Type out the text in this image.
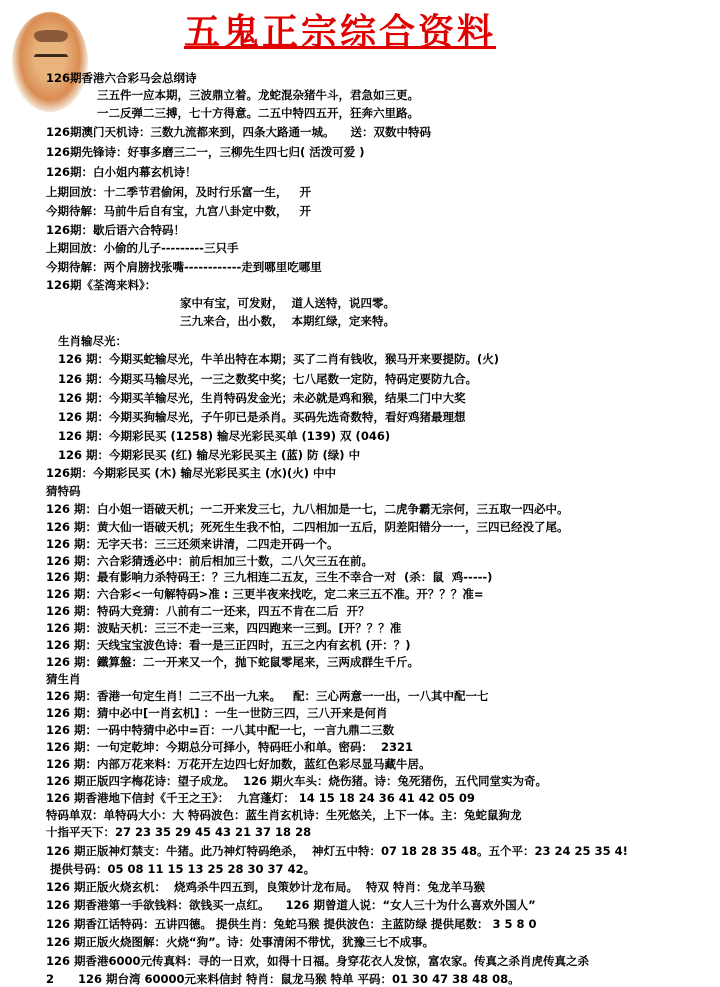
五鬼正宗综合资料
126期香港六合彩马会总纲诗
三五件一应本期，三波鼎立着。龙蛇混杂猪牛斗，君急如三更。
一二反弹二三搏，七十方得意。二五中特四五开，狂奔六里路。
126期澳门天机诗：三数九流都来到，四条大路通一城。    送：双数中特码
126期先锋诗：好事多磨三二一，三柳先生四七归( 活泼可爱 )
126期：白小姐内幕玄机诗！
上期回放：十二季节君偷闲，及时行乐富一生，   开
今期待解：马前牛后自有宝，九宫八卦定中数，   开
126期：歇后语六合特码！
上期回放：小偷的儿子---------三只手
今期待解：两个肩膀找张嘴------------走到哪里吃哪里
126期《荃湾来料》：
家中有宝，可发财，  道人送特，说四零。
三九来合，出小数，  本期红绿，定来特。
生肖输尽光：
126 期：今期买蛇输尽光，牛羊出特在本期；买了二肖有钱收，猴马开来要提防。(火)
126 期：今期买马输尽光，一三之数奖中奖；七八尾数一定防，特码定要防九合。
126 期：今期买羊输尽光，生肖特码发金光；未必就是鸡和猴，结果二门中大奖
126 期：今期买狗输尽光，子午卯已是杀肖。买码先选奇数特，看好鸡猪最理想
126 期：今期彩民买 (1258) 输尽光彩民买单 (139) 双 (046)
126 期：今期彩民买 (红) 输尽光彩民买主 (蓝) 防 (绿) 中
126期：今期彩民买 (木) 输尽光彩民买主 (水)(火) 中中
猜特码
126 期：白小姐一语破天机；一二开来发三七，九八相加是一七，二虎争霸无宗何，三五取一四必中。
126 期：黄大仙一语破天机；死死生生我不怕，二四相加一五后，阴差阳错分一一，三四已经没了尾。
126 期：无字天书：三三还须来讲清，二四走开码一个。
126 期：六合彩猜透必中：前后相加三十数，二八欠三五在前。
126 期：最有影响力杀特码王：？三九相连二五友，三生不幸合一对  (杀：鼠  鸡-----)
126 期：六合彩<一句解特码>准 : 三更半夜来找吃，定二来三五不准。开？？？准=
126 期：特码大竞猜：八前有二一还来，四五不肯在二后  开？
126 期：波贴天机：三三不走一三来，四四跑来一三到。[开？？？准
126 期：天线宝宝波色诗：看一是三正四时，五三之内有玄机 (开：？)
126 期：鐵算盤：二一开来又一个，抛下蛇鼠零尾来，三两成群生千斤。
猜生肖
126 期：香港一句定生肖！二三不出一九来。   配：三心两意一一出，一八其中配一七
126 期：猜中必中[一肖玄机] ：一生一世防三四，三八开来是何肖
126 期：一码中特猜中必中=百：一八其中配一七，一言九鼎二三数
126 期：一句定乾坤：今期总分可择小，特码旺小和单。密码：  2321
126 期：内部万花来料：万花开左边四七好加数，蓝红色彩尽显马藏牛居。
126 期正版四字梅花诗：望子成龙。  126 期火车头：烧伤猪。诗：兔死猪伤，五代同堂实为奇。
126 期香港地下信封《千王之王》：  九宫蓬灯： 14 15 18 24 36 41 42 05 09
特码单双：单特码大小：大 特码波色：蓝生肖玄机诗：生死悠关，上下一体。主：兔蛇鼠狗龙
十指平天下：27 23 35 29 45 43 21 37 18 28
126 期正版神灯禁支：牛猪。此乃神灯特码绝杀，  神灯五中特：07 18 28 35 48。五个平：23 24 25 35 4!
提供号码：05 08 11 15 13 25 28 30 37 42。
126 期正版火烧玄机：  烧鸡杀牛四五到，良策妙计龙布局。  特双 特肖：兔龙羊马猴
126 期香港第一手欲钱料：欲钱买一点红。    126 期曾道人说：“女人三十为什么喜欢外国人”
126 期香江话特码：五讲四德。 提供生肖：兔蛇马猴 提供波色：主蓝防绿 提供尾数： 3 5 8 0
126 期正版火烧图解：火烧“狗”。诗：处事清闲不带忧，犹豫三七不成事。
126 期香港6000元传真料：寻的一日欢，如得十日福。身穿花衣人发惊，富农家。传真之杀肖虎传真之杀
2      126 期台湾 60000元来料信封 特肖：鼠龙马猴 特单 平码：01 30 47 38 48 08。
